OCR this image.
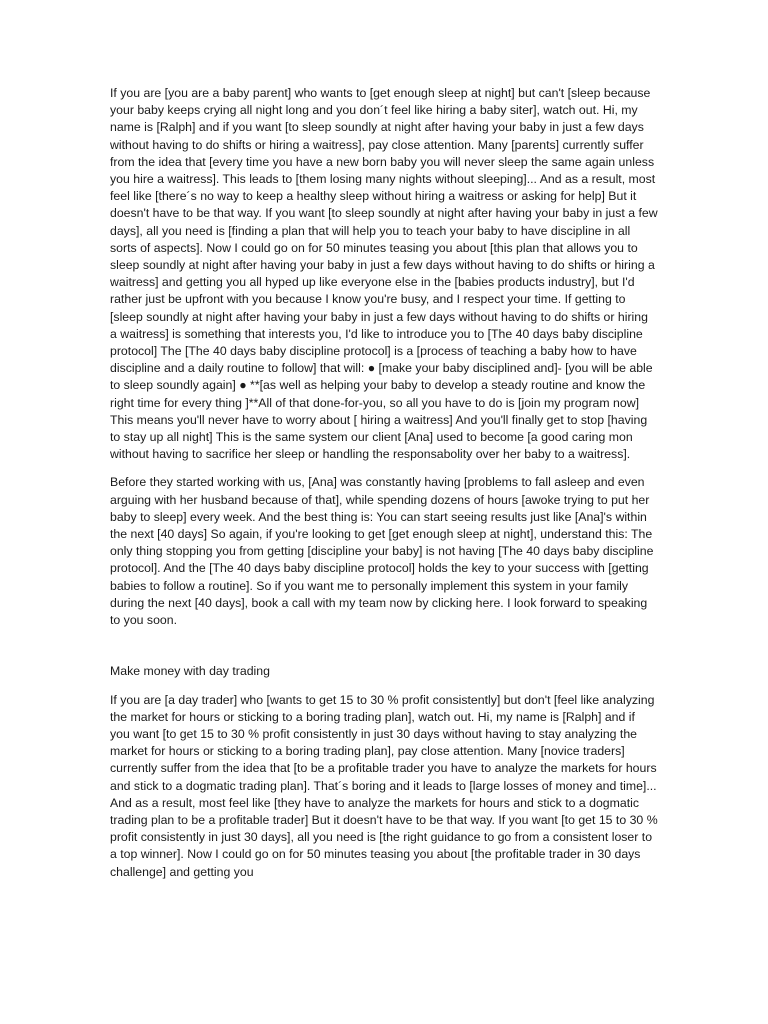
If you are [you are a baby parent] who wants to [get enough sleep at night] but can't [sleep because your baby keeps crying all night long and you don´t feel like hiring a baby siter], watch out. Hi, my name is [Ralph] and if you want [to sleep soundly at night after having your baby in just a few days without having to do shifts or hiring a waitress], pay close attention. Many [parents] currently suffer from the idea that [every time you have a new born baby you will never sleep the same again unless you hire a waitress]. This leads to [them losing many nights without sleeping]... And as a result, most feel like [there´s no way to keep a healthy sleep without hiring a waitress or asking for help] But it doesn't have to be that way. If you want [to sleep soundly at night after having your baby in just a few days], all you need is [finding a plan that will help you to teach your baby to have discipline in all sorts of aspects]. Now I could go on for 50 minutes teasing you about [this plan that allows you to sleep soundly at night after having your baby in just a few days without having to do shifts or hiring a waitress] and getting you all hyped up like everyone else in the [babies products industry], but I'd rather just be upfront with you because I know you're busy, and I respect your time. If getting to [sleep soundly at night after having your baby in just a few days without having to do shifts or hiring a waitress] is something that interests you, I'd like to introduce you to [The 40 days baby discipline protocol] The [The 40 days baby discipline protocol] is a [process of teaching a baby how to have discipline and a daily routine to follow] that will: ● [make your baby disciplined and]- [you will be able to sleep soundly again] ● **[as well as helping your baby to develop a steady routine and know the right time for every thing ]**All of that done-for-you, so all you have to do is [join my program now] This means you'll never have to worry about [ hiring a waitress] And you'll finally get to stop [having to stay up all night] This is the same system our client [Ana] used to become [a good caring mon without having to sacrifice her sleep or handling the responsabolity over her baby to a waitress].

Before they started working with us, [Ana] was constantly having [problems to fall asleep and even arguing with her husband because of that], while spending dozens of hours [awoke trying to put her baby to sleep] every week. And the best thing is: You can start seeing results just like [Ana]'s within the next [40 days] So again, if you're looking to get [get enough sleep at night], understand this: The only thing stopping you from getting [discipline your baby] is not having [The 40 days baby discipline protocol]. And the [The 40 days baby discipline protocol] holds the key to your success with [getting babies to follow a routine]. So if you want me to personally implement this system in your family during the next [40 days], book a call with my team now by clicking here. I look forward to speaking to you soon.

Make money with day trading

If you are [a day trader] who [wants to get 15 to 30 % profit consistently] but don't [feel like analyzing the market for hours or sticking to a boring trading plan], watch out. Hi, my name is [Ralph] and if you want [to get 15 to 30 % profit consistently in just 30 days without having to stay analyzing the market for hours or sticking to a boring trading plan], pay close attention. Many [novice traders] currently suffer from the idea that [to be a profitable trader you have to analyze the markets for hours and stick to a dogmatic trading plan]. That´s boring and it leads to [large losses of money and time]... And as a result, most feel like [they have to analyze the markets for hours and stick to a dogmatic trading plan to be a profitable trader] But it doesn't have to be that way. If you want [to get 15 to 30 % profit consistently in just 30 days], all you need is [the right guidance to go from a consistent loser to a top winner]. Now I could go on for 50 minutes teasing you about [the profitable trader in 30 days challenge] and getting you
